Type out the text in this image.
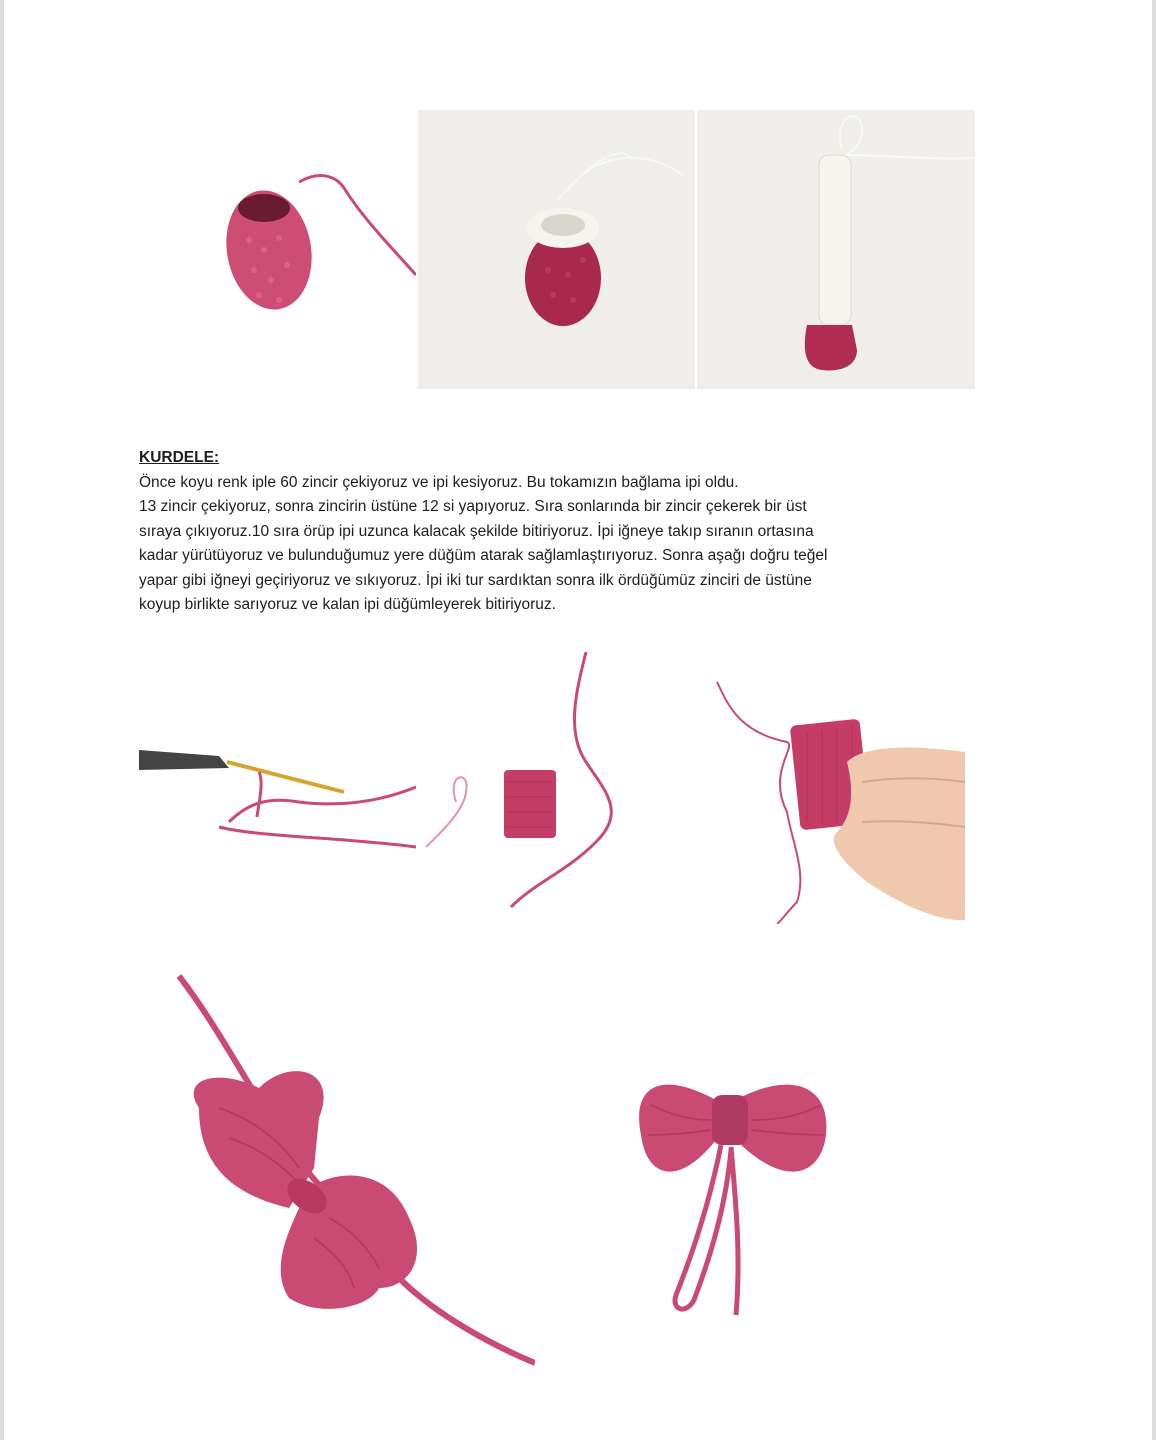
KURDELE:
Önce koyu renk iple 60 zincir çekiyoruz ve ipi kesiyoruz. Bu tokamızın bağlama ipi oldu.
13 zincir çekiyoruz, sonra zincirin üstüne 12 si yapıyoruz. Sıra sonlarında bir zincir çekerek bir üst
sıraya çıkıyoruz.10 sıra örüp ipi uzunca kalacak şekilde bitiriyoruz. İpi iğneye takıp sıranın ortasına
kadar yürütüyoruz ve bulunduğumuz yere düğüm atarak sağlamlaştırıyoruz. Sonra aşağı doğru teğel
yapar gibi iğneyi geçiriyoruz ve sıkıyoruz. İpi iki tur sardıktan sonra ilk ördüğümüz zinciri de üstüne
koyup birlikte sarıyoruz ve kalan ipi düğümleyerek bitiriyoruz.
